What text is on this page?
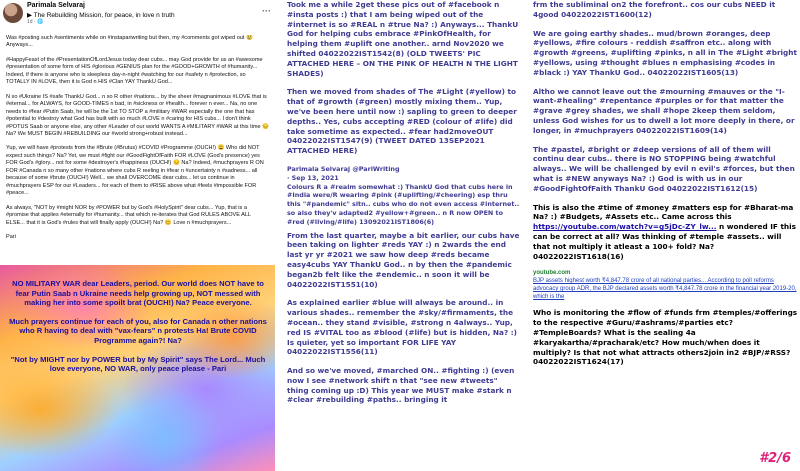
Parimala Selvaraj
▶ The Rebuilding Mission, for peace, in love n truth
1d · 🌐
···

Was #posting such #sentiments while on #instapariwriting but then, my #comments got wiped out 😢 Anyways...

#HappyFeast of the #PresentationOfLordJesus today dear cubs... may God provide for us an #awesome #presentation of some form of HIS #glorious #GENIUS plan for the #GOOD+GROWTH of #humanity... Indeed, if there is anyone who is sleepless day-n-night #watching for our #safety n #protection, so TOTALLY IN #LOVE, then it is God n HIS #Clan YAY ThankU God...

N so #Ukraine IS #safe ThankU God... n so R other #nations... by the sheer #magnanimous #LOVE that is #eternal... for ALWAYS, for GOOD-TIMES n bad, in #sickness or #health... forever n ever... Na, no one needs to #fear #Putin Saab, he will be the 1st TO STOP a #military #WAR especially the one that has #potential to #destroy what God has built with so much #LOVE n #caring for HIS cubs... I don't think #POTUS Saab or anyone else, any other #Leader of our world WANTS A #MILITARY #WAR at this time 😔 Na? We MUST BEGIN #REBUILDING our #world strong+robust instead...

Yup, we will have #protests from the #Brute (#Brutus) #COVID #Programme (OUCH!) 😩 Who did NOT expect such things? Na? Yet, we must #fight our #GoodFightOfFaith FOR #LOVE (God's presence) yes FOR God's #glory... not for some #destroyer's #happiness (OUCH!) 😔 Na? Indeed, #muchprayers R ON FOR #Canada n so many other #nations where cubs R reeling in #fear n #uncertainty n #sadness... all because of some #brute (OUCH!) Well... we shall OVERCOME dear cubs... let us continue in #muchprayers ESP for our #Leaders... for each of them to #RISE above what #feels #impossible FOR #peace...

As always, "NOT by #might NOR by #POWER but by God's #HolySpirit" dear cubs... Yup, that is a #promise that applies #eternally for #humanity... that which re-iterates that God RULES ABOVE ALL ELSE... that it is God's #rules that will finally apply (OUCH!) Na? 😊 Love n #muchprayers...

Pari

NO MILITARY WAR dear Leaders, period. Our world does NOT have to fear Putin Saab n Ukraine needs help growing up, NOT messed with making her into some spoilt brat (OUCH!) Na? Peace everyone.

Much prayers continue for each of you, also for Canada n other nations who R having to deal with "vax-fears" n protests Ha! Brute COVID Programme again?! Na?

"Not by MIGHT nor by POWER but by My Spirit" says The Lord... Much love everyone, NO WAR, only peace please - Pari

Took me a while 2get these pics out of #facebook n #insta posts :) that I am being wiped out of the #internet is so #REAL n #true Na? :) Anyways... ThankU God for helping cubs embrace #PinkOfHealth, for helping them #uplift one another.. arnd Nov2020 we shifted 04022022IST1542(8) (OLD TWEETS' PIC ATTACHED HERE – ON THE PINK OF HEALTH N THE LIGHT SHADES)

Then we moved from shades of The #Light (#yellow) to that of #growth (#green) mostly mixing them.. Yup, we've been here until now :) sapling to green to deeper depths.. Yes, cubs accepting #RED (colour of #life) did take sometime as expected.. #fear had2moveOUT 04022022IST1547(9) (TWEET DATED 13SEP2021 ATTACHED HERE)

Parimala Selvaraj @PariWriting
· Sep 13, 2021
Colours R a #realm somewhat :) ThankU God that cubs here in #India were/R wearing #pink (#uplifting/#cheering) esp thru this "#pandemic" sitn.. cubs who do not even access #internet.. so also they'v adapted2 #yellow+#green.. n R now OPEN to #red (#living/#life) 13092021IST1806(6)

From the last quarter, maybe a bit earlier, our cubs have been taking on lighter #reds YAY :) n 2wards the end last yr yr #2021 we saw how deep #reds became easy4cubs YAY ThankU God.. n by then the #pandemic began2b felt like the #endemic.. n soon it will be 04022022IST1551(10)

As explained earlier #blue will always be around.. in various shades.. remember the #sky/#firmaments, the #ocean.. they stand #visible, #strong n 4always.. Yup, red IS #VITAL too as #blood (#life) but is hidden, Na? :) Is quieter, yet so important FOR LIFE YAY 04022022IST1556(11)

And so we've moved, #marched ON.. #fighting :) (even now I see #network shift n that "see new #tweets" thing coming up :D) This year we MUST make #stark n #clear #rebuilding #paths.. bringing it

frm the subliminal on2 the forefront.. cos our cubs NEED it 4good 04022022IST1600(12)

We are going earthy shades.. mud/brown #oranges, deep #yellows, #fire colours - reddish #saffron etc.. along with #growth #greens, #uplifting #pinks, n all in The #Light #bright #yellows, using #thought #blues n emphasising #codes in #black :) YAY ThankU God.. 04022022IST1605(13)

Altho we cannot leave out the #mourning #mauves or the "I-want-#healing" #repentance #purples or for that matter the #grave #grey shades, we shall #hope 2keep them seldom, unless God wishes for us to dwell a lot more deeply in there, or longer, in #muchprayers 04022022IST1609(14)

The #pastel, #bright or #deep versions of all of them will continu dear cubs.. there is NO STOPPING being #watchful always.. We will be challenged by evil n evil's #forces, but then what is #NEW anyways Na? :) God is with us in our #GoodFightOfFaith ThankU God 04022022IST1612(15)

This is also the #time of #money #matters esp for #Bharat-ma Na? :) #Budgets, #Assets etc.. Came across this https://youtube.com/watch?v=g5jDc-ZY_lw... n wondered IF this can be correct at all? Was thinking of #temple #assets.. will that not multiply it atleast a 100+ fold? Na? 04022022IST1618(16)

youtube.com

BJP assets highest worth ₹4,847.78 crore of all national parties... According to poll reforms advocacy group ADR, the BJP declared assets worth ₹4,847.78 crore in the financial year 2019-20, which is the

Who is monitoring the #flow of #funds frm #temples/#offerings to the respective #Guru/#ashrams/#parties etc? #TempleBoards? What is the sealing 4a #karyakartha/#pracharak/etc? How much/when does it multiply? Is that not what attracts others2join in2 #BJP/#RSS? 04022022IST1624(17)

#2/6
